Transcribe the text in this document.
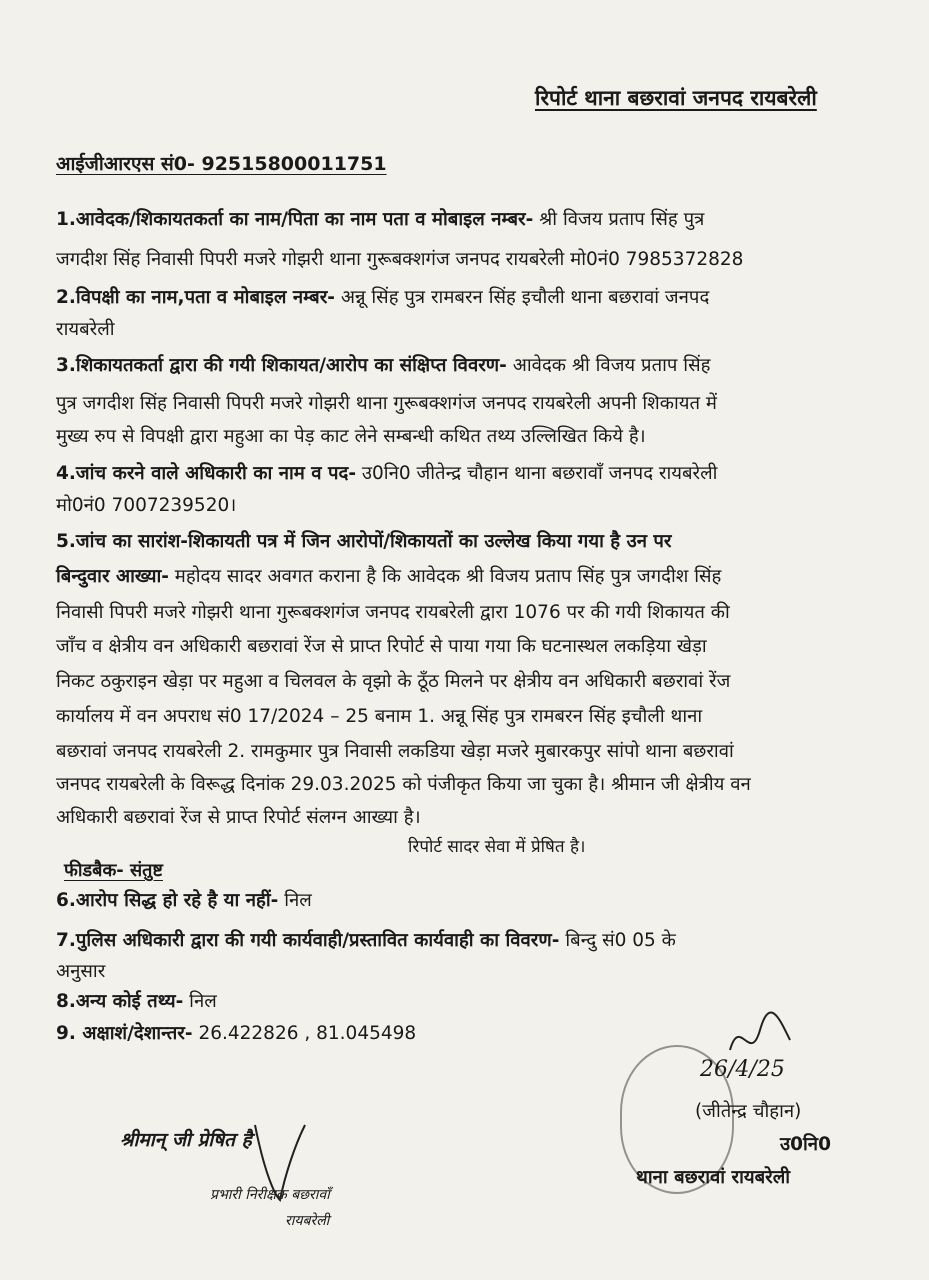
रिपोर्ट थाना बछरावां जनपद रायबरेली
आईजीआरएस सं0- 92515800011751
1.आवेदक/शिकायतकर्ता का नाम/पिता का नाम पता व मोबाइल नम्बर- श्री विजय प्रताप सिंह पुत्र
जगदीश सिंह निवासी पिपरी मजरे गोझरी थाना गुरूबक्शगंज जनपद रायबरेली मो0नं0 7985372828
2.विपक्षी का नाम,पता व मोबाइल नम्बर- अन्नू सिंह पुत्र रामबरन सिंह इचौली थाना बछरावां जनपद
रायबरेली
3.शिकायतकर्ता द्वारा की गयी शिकायत/आरोप का संक्षिप्त विवरण- आवेदक श्री विजय प्रताप सिंह
पुत्र जगदीश सिंह निवासी पिपरी मजरे गोझरी थाना गुरूबक्शगंज जनपद रायबरेली अपनी शिकायत में
मुख्य रुप से विपक्षी द्वारा महुआ का पेड़ काट लेने सम्बन्धी कथित तथ्य उल्लिखित किये है।
4.जांच करने वाले अधिकारी का नाम व पद- उ0नि0 जीतेन्द्र चौहान थाना बछरावाँ जनपद रायबरेली
मो0नं0 7007239520।
5.जांच का सारांश-शिकायती पत्र में जिन आरोपों/शिकायतों का उल्लेख किया गया है उन पर
बिन्दुवार आख्या- महोदय सादर अवगत कराना है कि आवेदक श्री विजय प्रताप सिंह पुत्र जगदीश सिंह
निवासी पिपरी मजरे गोझरी थाना गुरूबक्शगंज जनपद रायबरेली द्वारा 1076 पर की गयी शिकायत की
जाँच व क्षेत्रीय वन अधिकारी बछरावां रेंज से प्राप्त रिपोर्ट से पाया गया कि घटनास्थल लकड़िया खेड़ा
निकट ठकुराइन खेड़ा पर महुआ व चिलवल के वृझो के ठूँठ मिलने पर क्षेत्रीय वन अधिकारी बछरावां रेंज
कार्यालय में वन अपराध सं0 17/2024 – 25 बनाम 1. अन्नू सिंह पुत्र रामबरन सिंह इचौली थाना
बछरावां जनपद रायबरेली 2. रामकुमार पुत्र निवासी लकडिया खेड़ा मजरे मुबारकपुर सांपो थाना बछरावां
जनपद रायबरेली के विरूद्ध दिनांक 29.03.2025 को पंजीकृत किया जा चुका है। श्रीमान जी क्षेत्रीय वन
अधिकारी बछरावां रेंज से प्राप्त रिपोर्ट संलग्न आख्या है।
रिपोर्ट सादर सेवा में प्रेषित है।
फीडबैक- संतुष्ट
6.आरोप सिद्ध हो रहे है या नहीं- निल
7.पुलिस अधिकारी द्वारा की गयी कार्यवाही/प्रस्तावित कार्यवाही का विवरण- बिन्दु सं0 05 के
अनुसार
8.अन्य कोई तथ्य- निल
9. अक्षाशं/देशान्तर- 26.422826 , 81.045498
26/4/25
(जीतेन्द्र चौहान)
उ0नि0
थाना बछरावां रायबरेली
श्रीमान् जी प्रेषित है
प्रभारी निरीक्षक बछरावाँ
रायबरेली
